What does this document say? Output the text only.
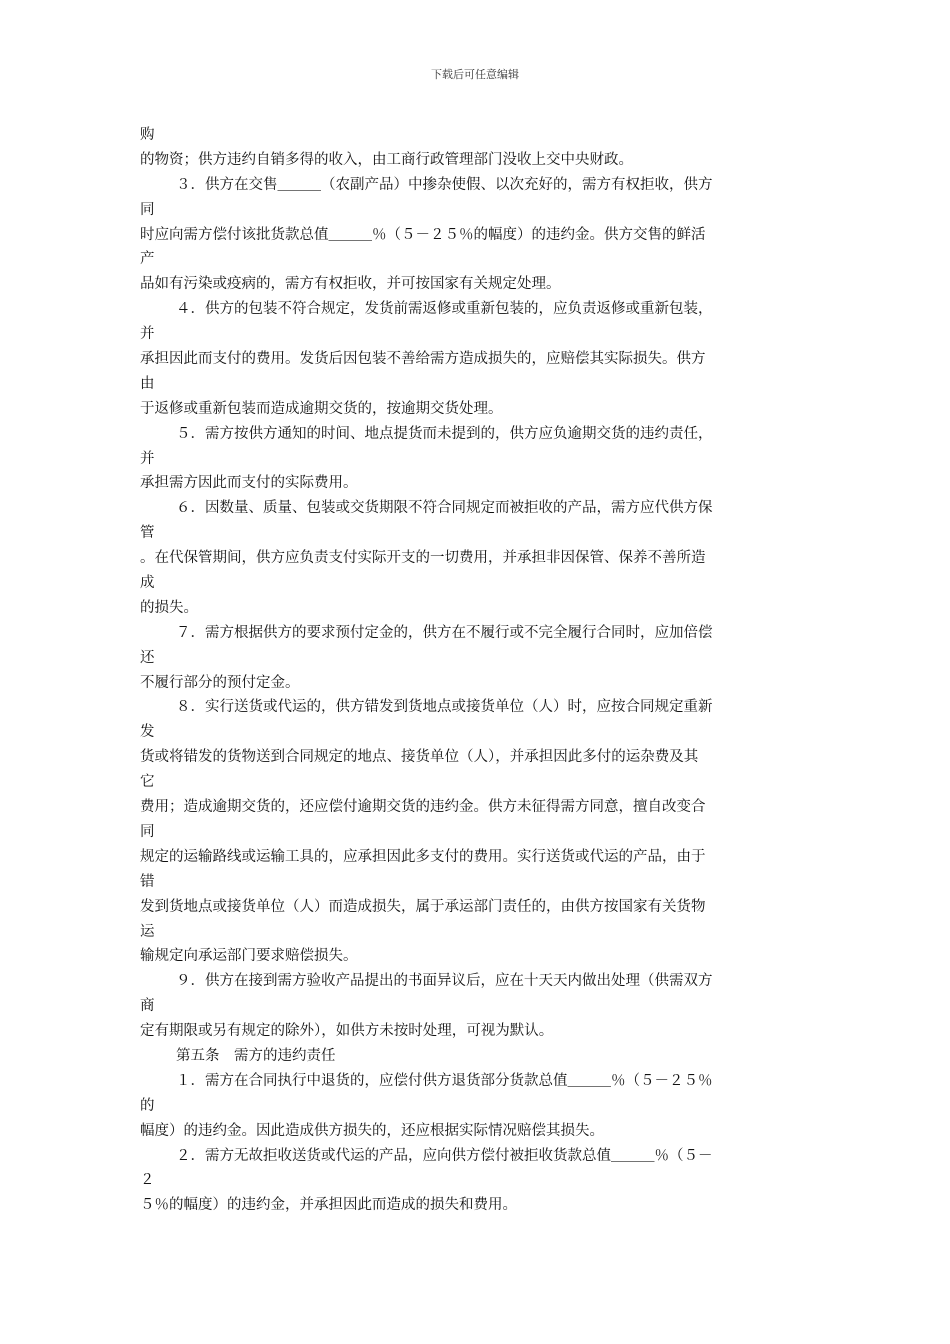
下载后可任意编辑
购
的物资；供方违约自销多得的收入，由工商行政管理部门没收上交中央财政。
３．供方在交售＿＿＿（农副产品）中掺杂使假、以次充好的，需方有权拒收，供方
同
时应向需方偿付该批货款总值＿＿＿％（５－２５％的幅度）的违约金。供方交售的鲜活
产
品如有污染或疫病的，需方有权拒收，并可按国家有关规定处理。
４．供方的包装不符合规定，发货前需返修或重新包装的，应负责返修或重新包装，
并
承担因此而支付的费用。发货后因包装不善给需方造成损失的，应赔偿其实际损失。供方
由
于返修或重新包装而造成逾期交货的，按逾期交货处理。
５．需方按供方通知的时间、地点提货而未提到的，供方应负逾期交货的违约责任，
并
承担需方因此而支付的实际费用。
６．因数量、质量、包装或交货期限不符合同规定而被拒收的产品，需方应代供方保
管
。在代保管期间，供方应负责支付实际开支的一切费用，并承担非因保管、保养不善所造
成
的损失。
７．需方根据供方的要求预付定金的，供方在不履行或不完全履行合同时，应加倍偿
还
不履行部分的预付定金。
８．实行送货或代运的，供方错发到货地点或接货单位（人）时，应按合同规定重新
发
货或将错发的货物送到合同规定的地点、接货单位（人），并承担因此多付的运杂费及其
它
费用；造成逾期交货的，还应偿付逾期交货的违约金。供方未征得需方同意，擅自改变合
同
规定的运输路线或运输工具的，应承担因此多支付的费用。实行送货或代运的产品，由于
错
发到货地点或接货单位（人）而造成损失，属于承运部门责任的，由供方按国家有关货物
运
输规定向承运部门要求赔偿损失。
９．供方在接到需方验收产品提出的书面异议后，应在十天天内做出处理（供需双方
商
定有期限或另有规定的除外），如供方未按时处理，可视为默认。
第五条　需方的违约责任
１．需方在合同执行中退货的，应偿付供方退货部分货款总值＿＿＿％（５－２５％
的
幅度）的违约金。因此造成供方损失的，还应根据实际情况赔偿其损失。
２．需方无故拒收送货或代运的产品，应向供方偿付被拒收货款总值＿＿＿％（５－
２
５％的幅度）的违约金，并承担因此而造成的损失和费用。
